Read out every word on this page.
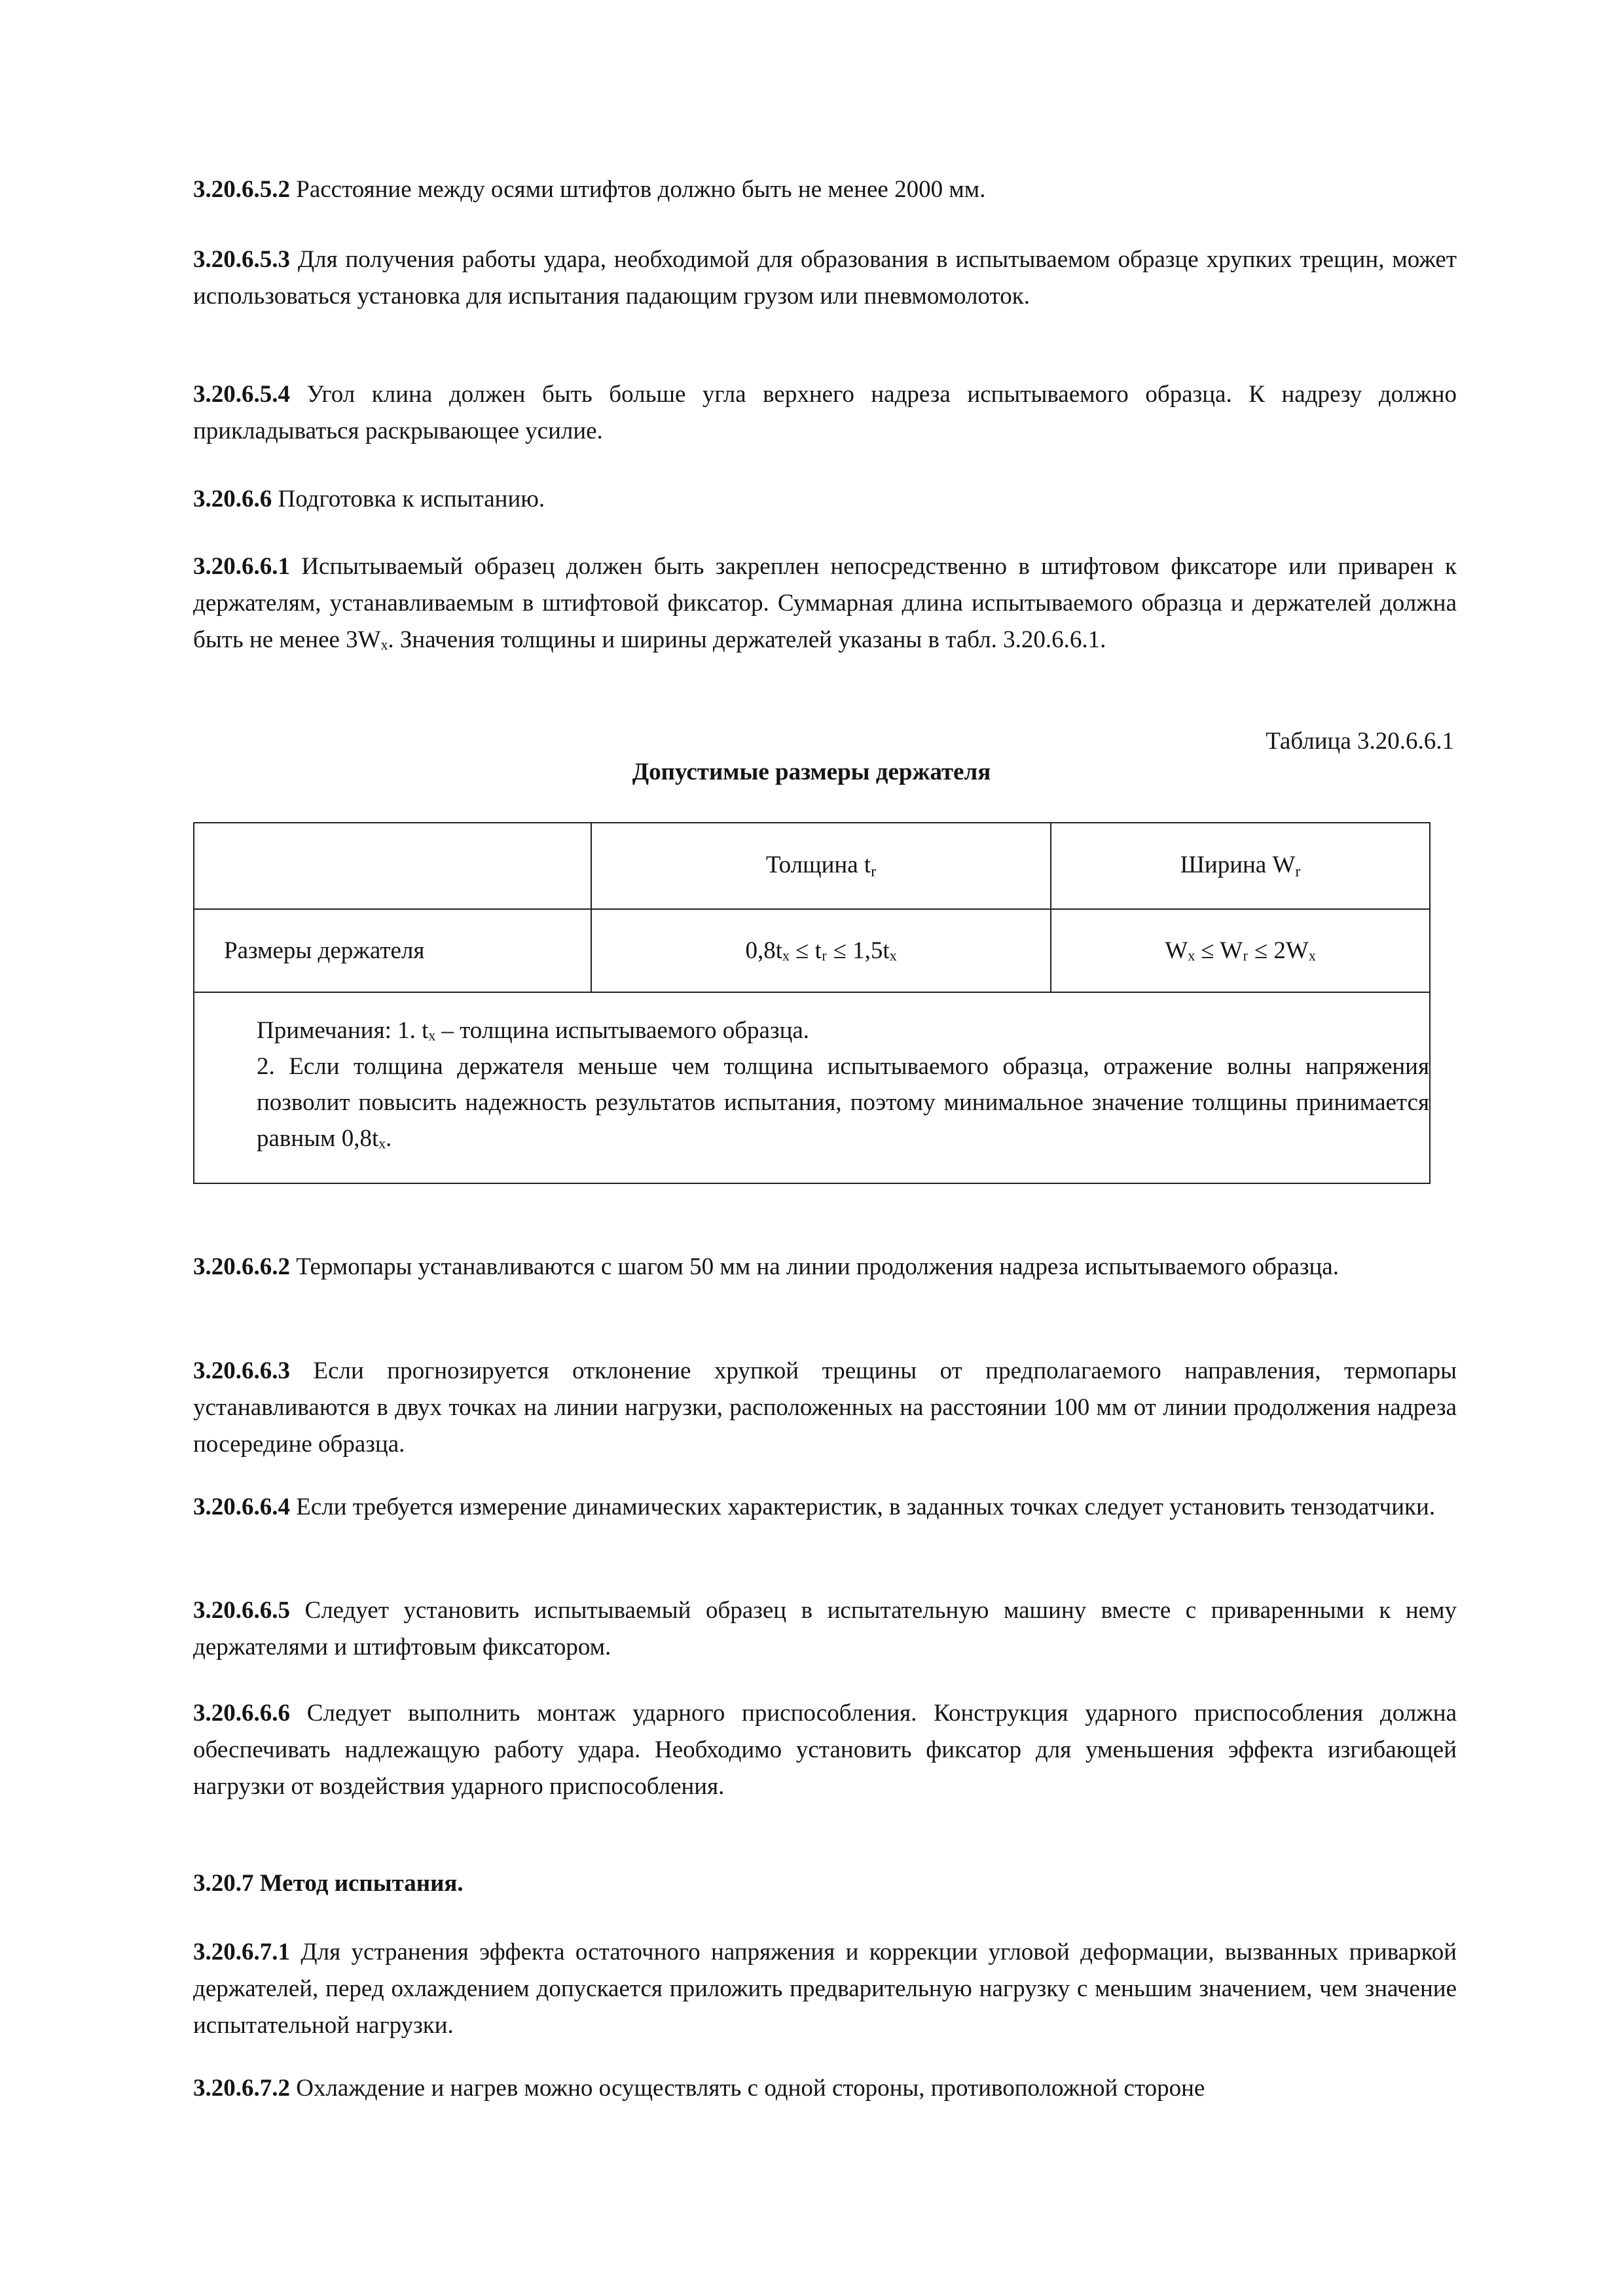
3.20.6.5.2 Расстояние между осями штифтов должно быть не менее 2000 мм.

3.20.6.5.3 Для получения работы удара, необходимой для образования в испытываемом образце хрупких трещин, может использоваться установка для испытания падающим грузом или пневмомолоток.

3.20.6.5.4 Угол клина должен быть больше угла верхнего надреза испытываемого образца. К надрезу должно прикладываться раскрывающее усилие.

3.20.6.6 Подготовка к испытанию.

3.20.6.6.1 Испытываемый образец должен быть закреплен непосредственно в штифтовом фиксаторе или приварен к держателям, устанавливаемым в штифтовой фиксатор. Суммарная длина испытываемого образца и держателей должна быть не менее 3Wₓ. Значения толщины и ширины держателей указаны в табл. 3.20.6.6.1.

Таблица 3.20.6.6.1
Допустимые размеры держателя
	Толщина $t_r$	Ширина $W_r$
Размеры держателя	0,8tₓ ≤ tᵣ ≤ 1,5tₓ	Wₓ ≤ Wᵣ ≤ 2Wₓ

Примечания: 1. tₓ – толщина испытываемого образца.
2. Если толщина держателя меньше чем толщина испытываемого образца, отражение волны напряжения позволит повысить надежность результатов испытания, поэтому минимальное значение толщины принимается равным 0,8tₓ.		

3.20.6.6.2 Термопары устанавливаются с шагом 50 мм на линии продолжения надреза испытываемого образца.

3.20.6.6.3 Если прогнозируется отклонение хрупкой трещины от предполагаемого направления, термопары устанавливаются в двух точках на линии нагрузки, расположенных на расстоянии 100 мм от линии продолжения надреза посередине образца.

3.20.6.6.4 Если требуется измерение динамических характеристик, в заданных точках следует установить тензодатчики.

3.20.6.6.5 Следует установить испытываемый образец в испытательную машину вместе с приваренными к нему держателями и штифтовым фиксатором.

3.20.6.6.6 Следует выполнить монтаж ударного приспособления. Конструкция ударного приспособления должна обеспечивать надлежащую работу удара. Необходимо установить фиксатор для уменьшения эффекта изгибающей нагрузки от воздействия ударного приспособления.

3.20.7 Метод испытания.

3.20.6.7.1 Для устранения эффекта остаточного напряжения и коррекции угловой деформации, вызванных приваркой держателей, перед охлаждением допускается приложить предварительную нагрузку с меньшим значением, чем значение испытательной нагрузки.

3.20.6.7.2 Охлаждение и нагрев можно осуществлять с одной стороны, противоположной стороне
